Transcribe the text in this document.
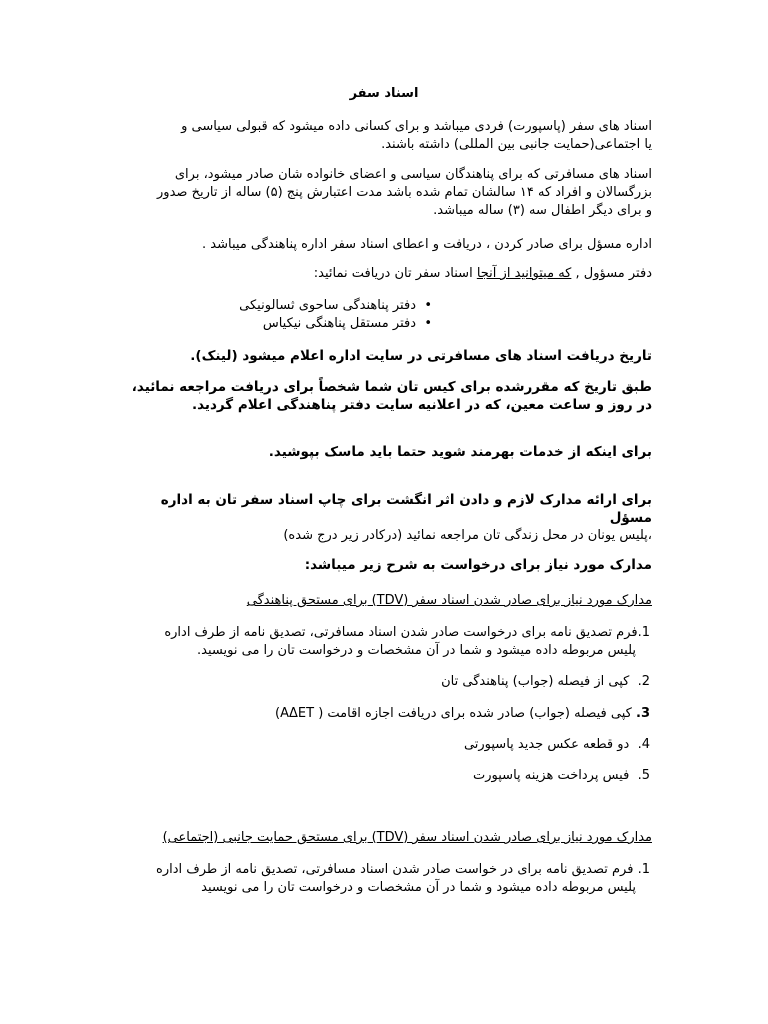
اسناد سفر
اسناد های سفر (پاسپورت) فردی میباشد و برای کسانی داده میشود که قبولی سیاسی و
یا اجتماعی(حمایت جانبی بین المللی) داشته باشند.
اسناد های مسافرتی که برای پناهندگان سیاسی و اعضای خانواده شان صادر میشود، برای
بزرگسالان و افراد که ۱۴ سالشان تمام شده باشد مدت اعتبارش پنج (۵) ساله از تاریخ صدور
و برای دیگر اطفال سه (۳) ساله میباشد.
اداره مسؤل برای صادر کردن ، دریافت و اعطای اسناد سفر اداره پناهندگی میباشد .
دفتر مسؤول , که میتوانید از آنجا اسناد سفر تان دریافت نمائید:
•
دفتر پناهندگی ساحوی ثسالونیکی
•
دفتر مستقل پناهنگی نیکیاس
تاریخ دریافت اسناد های مسافرتی در سایت اداره اعلام میشود (لینک).
طبق تاریخ که مقررشده برای کیس تان شما شخصاً برای دریافت مراجعه نمائید،
در روز و ساعت معین، که در اعلانیه سایت دفتر پناهندگی اعلام گردید.
برای اینکه از خدمات بهرمند شوید حتما باید ماسک بپوشید.
برای ارائه مدارک لازم و دادن اثر انگشت برای چاپ اسناد سفر تان به اداره مسؤل
،پلیس یونان در محل زندگی تان مراجعه نمائید (درکادر زیر درج شده)
مدارک مورد نیاز برای درخواست به شرح زیر میباشد:
مدارک مورد نیاز برای صادر شدن اسناد سفر (TDV) برای مستحق پناهندگی
1.فرم تصدیق نامه برای درخواست صادر شدن اسناد مسافرتی، تصدیق نامه از طرف اداره
پلیس مربوطه داده میشود و شما در آن مشخصات و درخواست تان را می نویسید.
2.  کپی از فیصله (جواب) پناهندگی تان
3. کپی فیصله (جواب) صادر شده برای دریافت اجازه اقامت ( ΑΔΕΤ)
4.  دو قطعه عکس جدید پاسپورتی
5.  فیس پرداخت هزینه پاسپورت
مدارک مورد نیاز برای صادر شدن اسناد سفر (TDV) برای مستحق حمایت جانبی (اجتماعی)
1. فرم تصدیق نامه برای در خواست صادر شدن اسناد مسافرتی، تصدیق نامه از طرف اداره
پلیس مربوطه داده میشود و شما در آن مشخصات و درخواست تان را می نویسید
